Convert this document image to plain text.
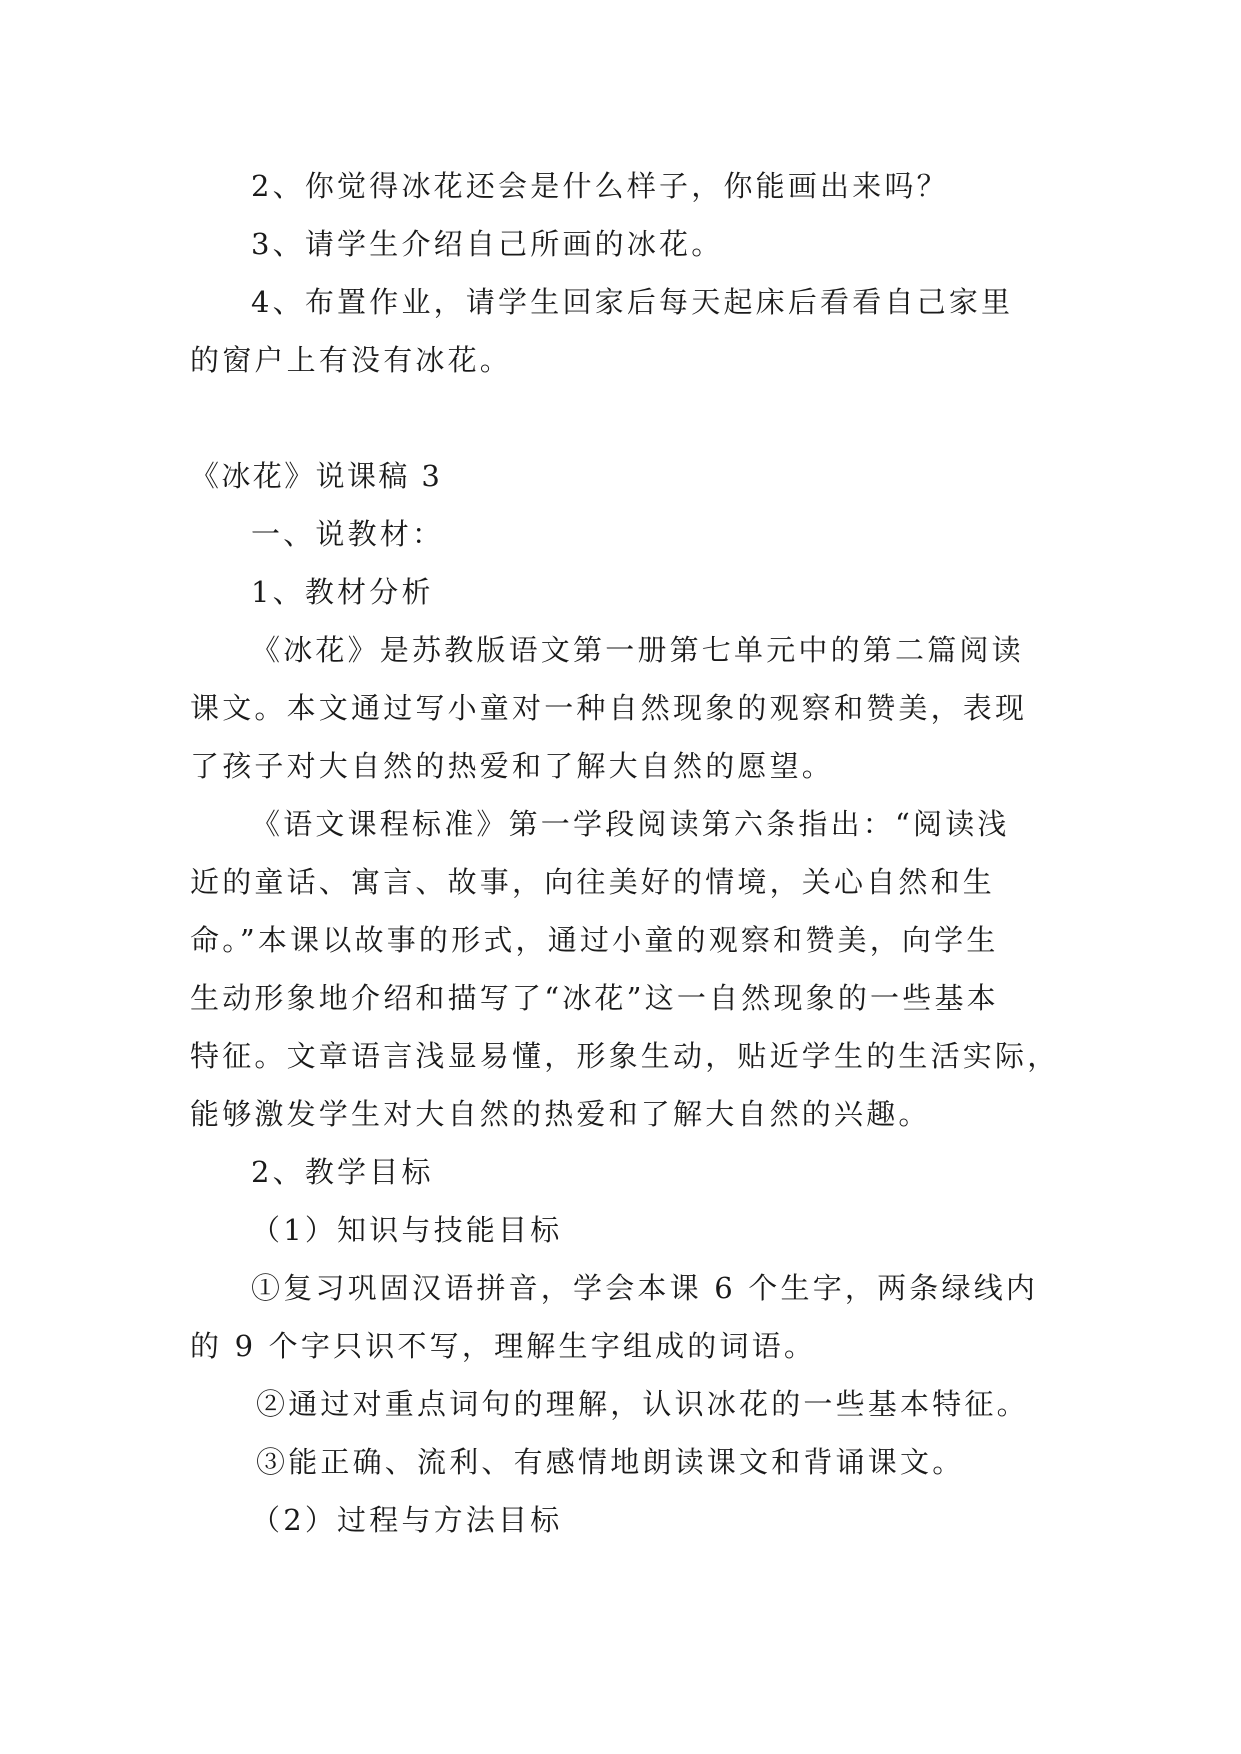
2、你觉得冰花还会是什么样子，你能画出来吗？
3、请学生介绍自己所画的冰花。
4、布置作业，请学生回家后每天起床后看看自己家里
的窗户上有没有冰花。
《冰花》说课稿 3
一、说教材：
1、教材分析
《冰花》是苏教版语文第一册第七单元中的第二篇阅读
课文。本文通过写小童对一种自然现象的观察和赞美，表现
了孩子对大自然的热爱和了解大自然的愿望。
《语文课程标准》第一学段阅读第六条指出：“阅读浅
近的童话、寓言、故事，向往美好的情境，关心自然和生
命。”本课以故事的形式，通过小童的观察和赞美，向学生
生动形象地介绍和描写了“冰花”这一自然现象的一些基本
特征。文章语言浅显易懂，形象生动，贴近学生的生活实际，
能够激发学生对大自然的热爱和了解大自然的兴趣。
2、教学目标
（1）知识与技能目标
①复习巩固汉语拼音，学会本课 6 个生字，两条绿线内
的 9 个字只识不写，理解生字组成的词语。
②通过对重点词句的理解，认识冰花的一些基本特征。
③能正确、流利、有感情地朗读课文和背诵课文。
（2）过程与方法目标
